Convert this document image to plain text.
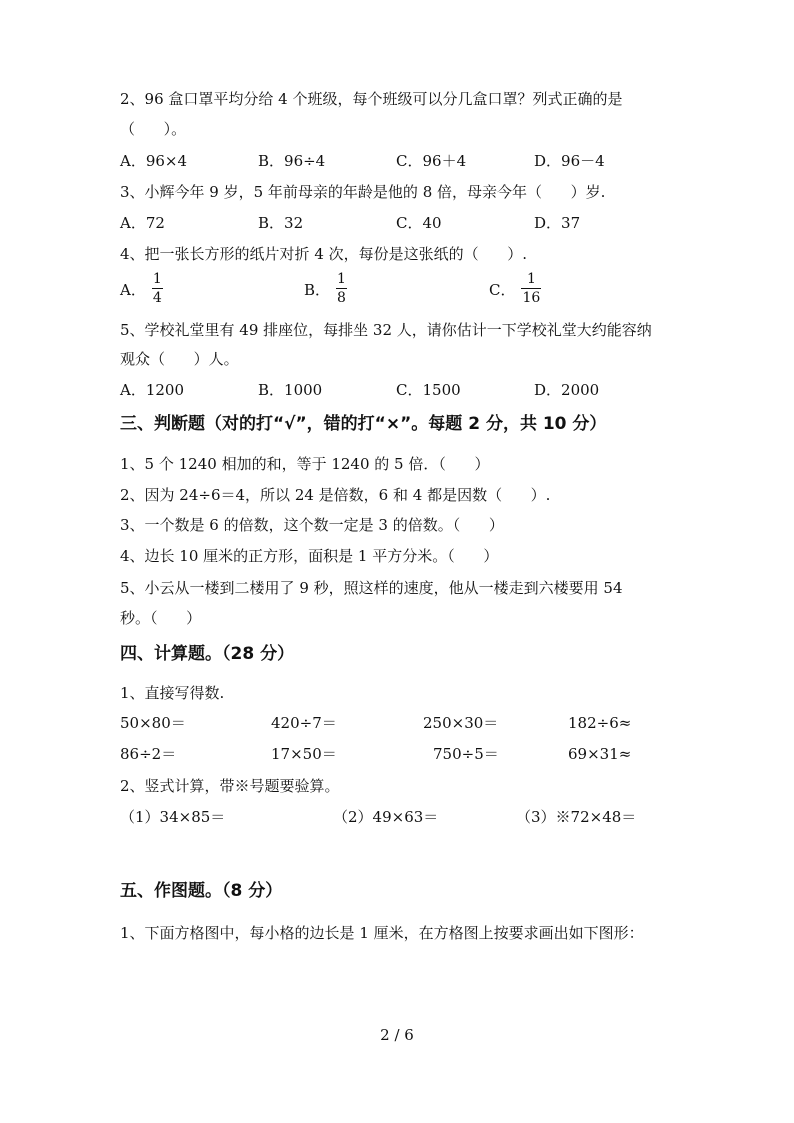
2、96 盒口罩平均分给 4 个班级，每个班级可以分几盒口罩？列式正确的是
（      ）。
A．96×4	B．96÷4	C．96＋4	D．96－4
3、小辉今年 9 岁，5 年前母亲的年龄是他的 8 倍，母亲今年（      ）岁.
A．72	B．32	C．40	D．37
4、把一张长方形的纸片对折 4 次，每份是这张纸的（      ）.
A． $\frac{1}{4}$	B． $\frac{1}{8}$	C． $\frac{1}{16}$
5、学校礼堂里有 49 排座位，每排坐 32 人，请你估计一下学校礼堂大约能容纳
观众（      ）人。
A．1200	B．1000	C．1500	D．2000
三、判断题（对的打“√”，错的打“×”。每题 2 分，共 10 分）
1、5 个 1240 相加的和，等于 1240 的 5 倍．（      ）
2、因为 24÷6＝4，所以 24 是倍数，6 和 4 都是因数（      ）.
3、一个数是 6 的倍数，这个数一定是 3 的倍数。（      ）
4、边长 10 厘米的正方形，面积是 1 平方分米。（      ）
5、小云从一楼到二楼用了 9 秒，照这样的速度，他从一楼走到六楼要用 54
秒。（      ）
四、计算题。（28 分）
1、直接写得数.
50×80＝	420÷7＝	250×30＝	182÷6≈
86÷2＝	17×50＝	750÷5＝	69×31≈
2、竖式计算，带※号题要验算。
（1）34×85＝	（2）49×63＝	（3）※72×48＝
五、作图题。（8 分）
1、下面方格图中，每小格的边长是 1 厘米，在方格图上按要求画出如下图形：
2 / 6
